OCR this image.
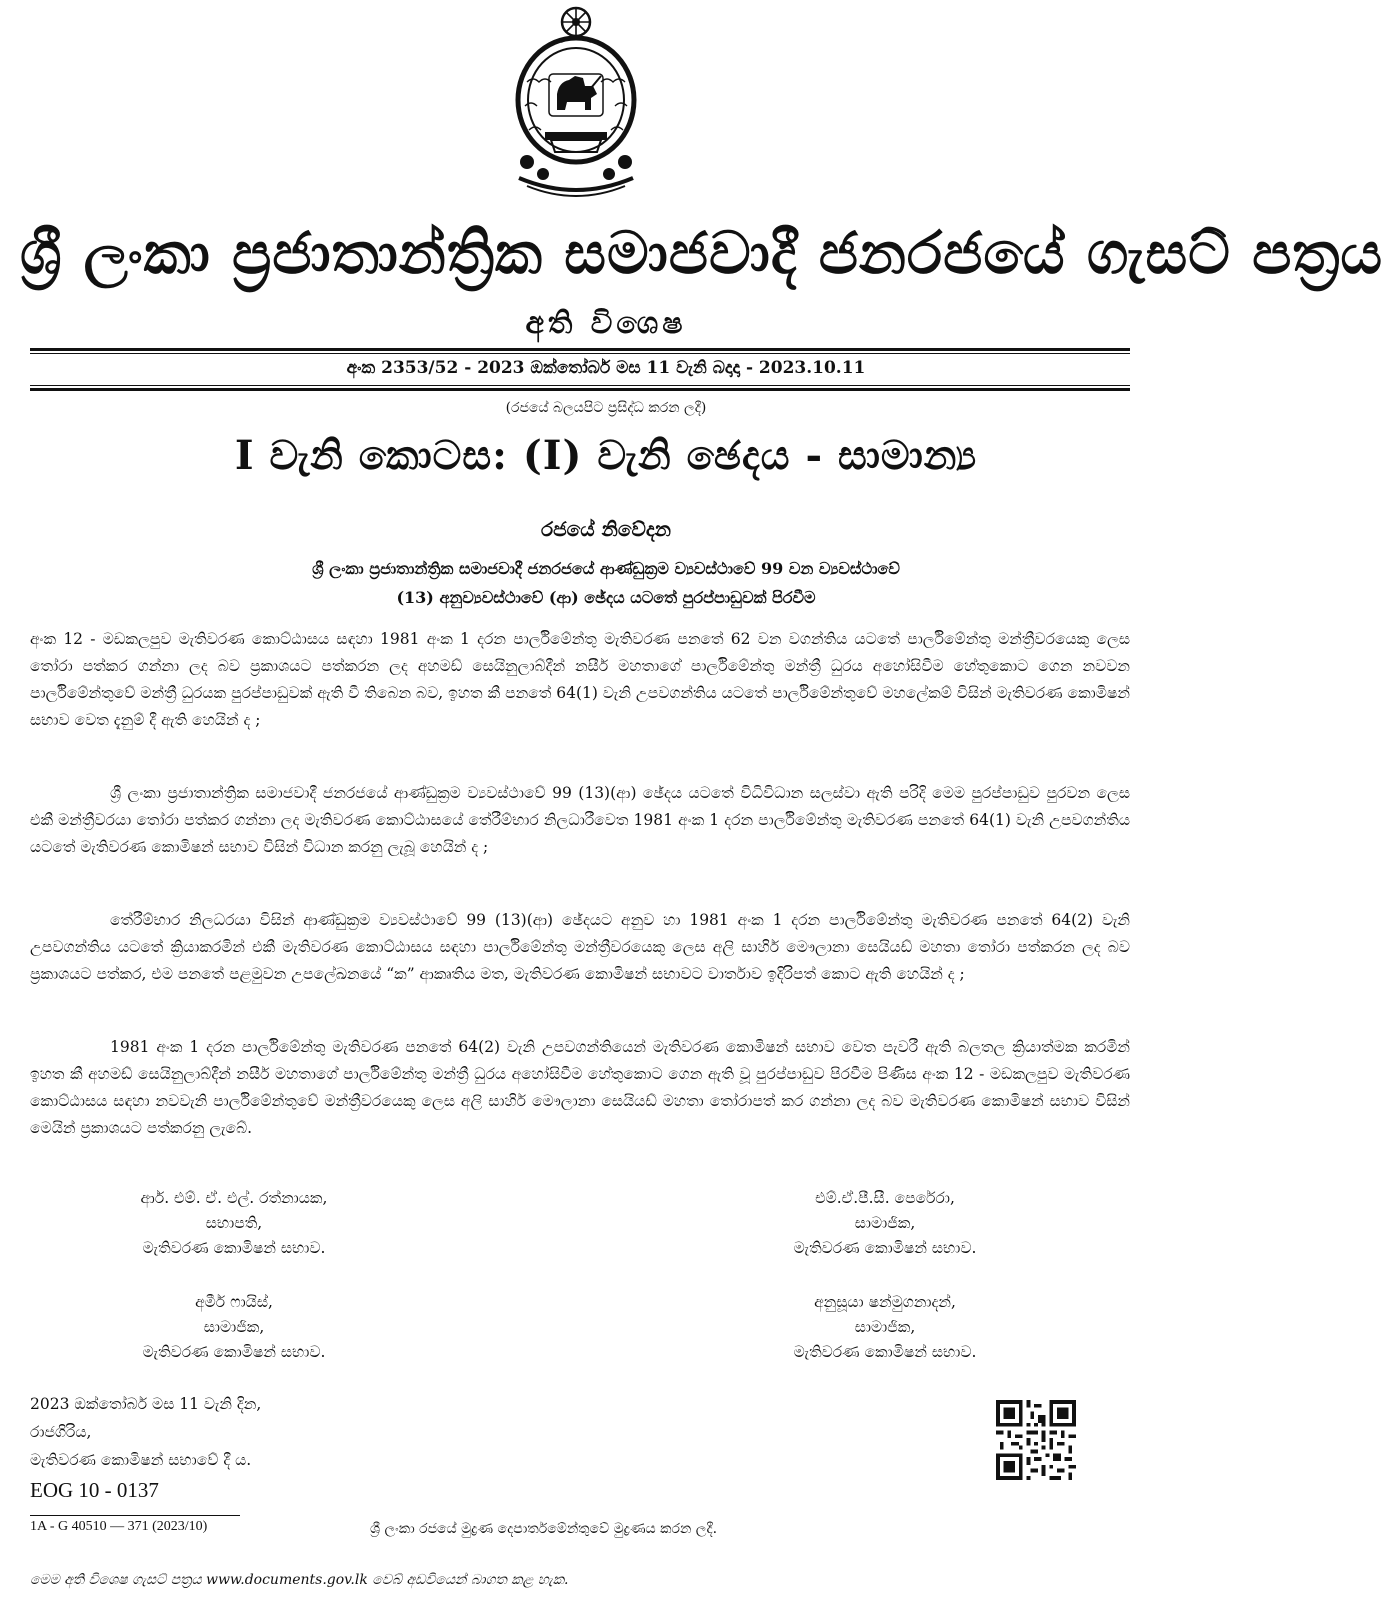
ශ්‍රී ලංකා ප්‍රජාතාන්ත්‍රික සමාජවාදී ජනරජයේ ගැසට් පත්‍රය
අති විශෙෂ
අංක 2353/52 - 2023 ඔක්තෝබර් මස 11 වැනි බදාදා - 2023.10.11
(රජයේ බලයපිට ප්‍රසිද්ධ කරන ලදී)
I වැනි කොටස: (I) වැනි ඡෙදය - සාමාන්‍ය
රජයේ නිවේදන
ශ්‍රී ලංකා ප්‍රජාතාන්ත්‍රික සමාජවාදී ජනරජයේ ආණ්ඩුක්‍රම ව්‍යවස්ථාවේ 99 වන ව්‍යවස්ථාවේ
(13) අනුව්‍යවස්ථාවේ (ආ) ඡේදය යටතේ පුරප්පාඩුවක් පිරවීම

අංක 12 - මඩකලපුව මැතිවරණ කොට්ඨාසය සඳහා 1981 අංක 1 දරන පාර්ලිමේන්තු මැතිවරණ පනතේ 62 වන වගන්තිය යටතේ පාර්ලිමේන්තු මන්ත්‍රීවරයෙකු ලෙස තෝරා පත්කර ගන්නා ලද බව ප්‍රකාශයට පත්කරන ලද අහමඩ් සෙයිනුලාබ්දීන් නසීර් මහතාගේ පාර්ලිමේන්තු මන්ත්‍රී ධුරය අහෝසිවීම හේතුකොට ගෙන නවවන පාර්ලිමේන්තුවේ මන්ත්‍රී ධුරයක පුරප්පාඩුවක් ඇති වී තිබෙන බව, ඉහත කී පනතේ 64(1) වැනි උපවගන්තිය යටතේ පාර්ලිමේන්තුවේ මහලේකම් විසින් මැතිවරණ කොමිෂන් සභාව වෙත දැනුම් දී ඇති හෙයින් ද ;

ශ්‍රී ලංකා ප්‍රජාතාන්ත්‍රික සමාජවාදී ජනරජයේ ආණ්ඩුක්‍රම ව්‍යවස්ථාවේ 99 (13)(ආ) ඡේදය යටතේ විධිවිධාන සලස්වා ඇති පරිදි මෙම පුරප්පාඩුව පුරවන ලෙස එකී මන්ත්‍රීවරයා තෝරා පත්කර ගන්නා ලද මැතිවරණ කොට්ඨාසයේ තේරීම්භාර නිලධාරීවෙත 1981 අංක 1 දරන පාර්ලිමේන්තු මැතිවරණ පනතේ 64(1) වැනි උපවගන්තිය යටතේ මැතිවරණ කොමිෂන් සභාව විසින් විධාන කරනු ලැබූ හෙයින් ද ;

තේරීම්භාර නිලධරයා විසින් ආණ්ඩුක්‍රම ව්‍යවස්ථාවේ 99 (13)(ආ) ඡේදයට අනුව හා 1981 අංක 1 දරන පාර්ලිමේන්තු මැතිවරණ පනතේ 64(2) වැනි උපවගන්තිය යටතේ ක්‍රියාකරමින් එකී මැතිවරණ කොට්ඨාසය සඳහා පාර්ලිමේන්තු මන්ත්‍රීවරයෙකු ලෙස අලි සාහිර් මෞලානා සෙයියඩ් මහතා තෝරා පත්කරන ලද බව ප්‍රකාශයට පත්කර, එම පනතේ පළමුවන උපලේඛනයේ “ක” ආකෘතිය මත, මැතිවරණ කොමිෂන් සභාවට වාර්තාව ඉදිරිපත් කොට ඇති හෙයින් ද ;

1981 අංක 1 දරන පාර්ලිමේන්තු මැතිවරණ පනතේ 64(2) වැනි උපවගන්තියෙන් මැතිවරණ කොමිෂන් සභාව වෙත පැවරී ඇති බලතල ක්‍රියාත්මක කරමින් ඉහත කී අහමඩ් සෙයිනුලාබ්දීන් නසීර් මහතාගේ පාර්ලිමේන්තු මන්ත්‍රී ධුරය අහෝසිවීම හේතුකොට ගෙන ඇති වූ පුරප්පාඩුව පිරවීම පිණිස අංක 12 - මඩකලපුව මැතිවරණ කොට්ඨාසය සඳහා නවවැනි පාර්ලිමේන්තුවේ මන්ත්‍රීවරයෙකු ලෙස අලි සාහිර් මෞලානා සෙයියඩ් මහතා තෝරාපත් කර ගන්නා ලද බව මැතිවරණ කොමිෂන් සභාව විසින් මෙයින් ප්‍රකාශයට පත්කරනු ලැබේ.

ආර්. එම්. ඒ. එල්. රත්නායක,
සභාපති,
මැතිවරණ කොමිෂන් සභාව.
එම්.ඒ.පී.සී. පෙරේරා,
සාමාජික,
මැතිවරණ කොමිෂන් සභාව.
අමීර් ෆායිස්,
සාමාජික,
මැතිවරණ කොමිෂන් සභාව.
අනුසූයා ෂන්මුගනාදන්,
සාමාජික,
මැතිවරණ කොමිෂන් සභාව.
2023 ඔක්තෝබර් මස 11 වැනි දින,
රාජගිරිය,
මැතිවරණ කොමිෂන් සභාවේ දී ය.
EOG 10 - 0137
1A - G 40510 — 371 (2023/10)	ශ්‍රී ලංකා රජයේ මුද්‍රණ දෙපාර්තමේන්තුවේ මුද්‍රණය කරන ලදී.
මෙම අති විශෙෂ ගැසට් පත්‍රය www.documents.gov.lk වෙබ් අඩවියෙන් බාගත කළ හැක.
